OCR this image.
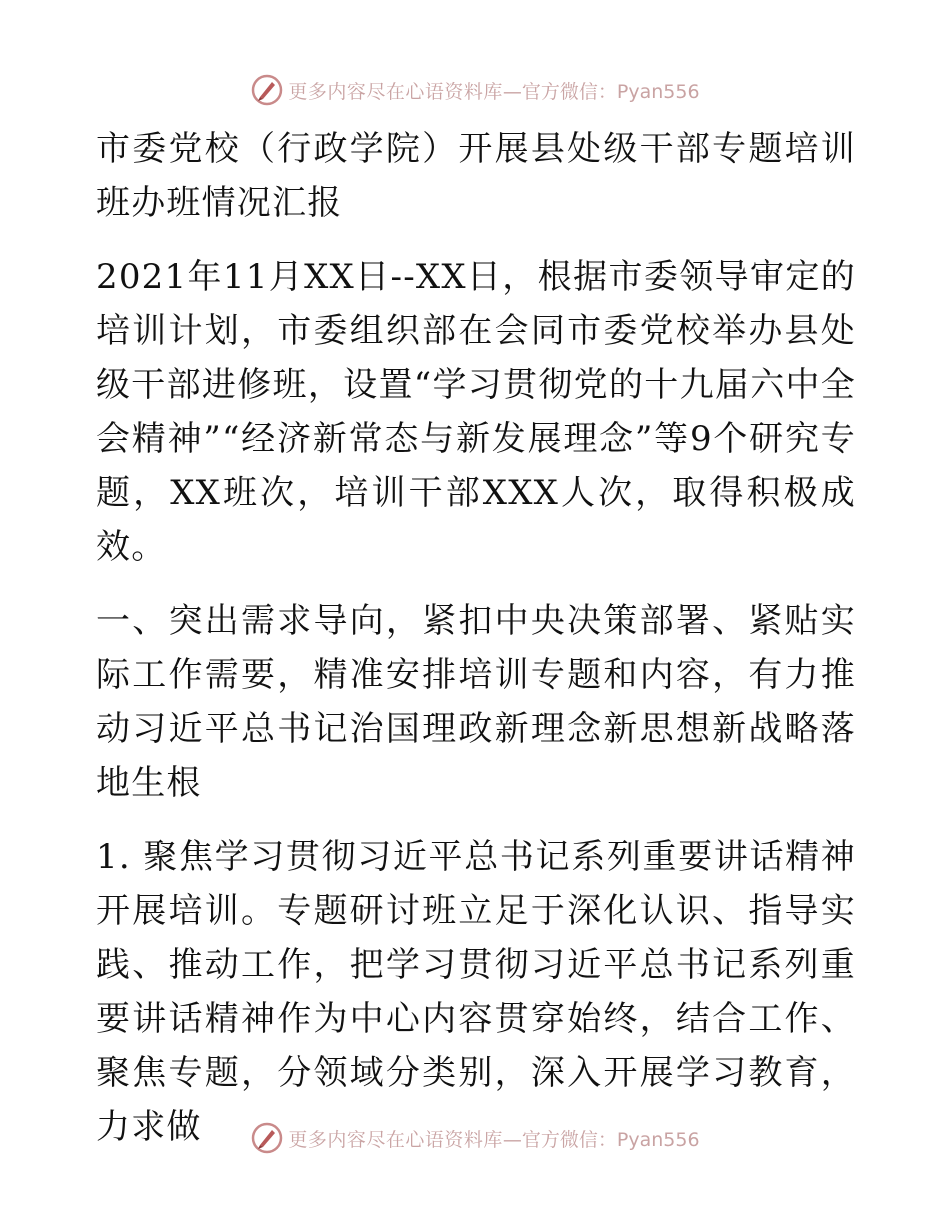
更多内容尽在心语资料库 —官方微信：Pyan556

市委党校（行政学院）开展县处级干部专题培训班办班情况汇报

2021年11月XX日--XX日，根据市委领导审定的培训计划，市委组织部在会同市委党校举办县处级干部进修班，设置“学习贯彻党的十九届六中全会精神”“经济新常态与新发展理念”等9个研究专题，XX班次，培训干部XXX人次，取得积极成效。

一、突出需求导向，紧扣中央决策部署、紧贴实际工作需要，精准安排培训专题和内容，有力推动习近平总书记治国理政新理念新思想新战略落地生根

1. 聚焦学习贯彻习近平总书记系列重要讲话精神开展培训。专题研讨班立足于深化认识、指导实践、推动工作，把学习贯彻习近平总书记系列重要讲话精神作为中心内容贯穿始终，结合工作、聚焦专题，分领域分类别，深入开展学习教育，力求做	更多内容尽在心语资料库 —官方微信：Pyan556
